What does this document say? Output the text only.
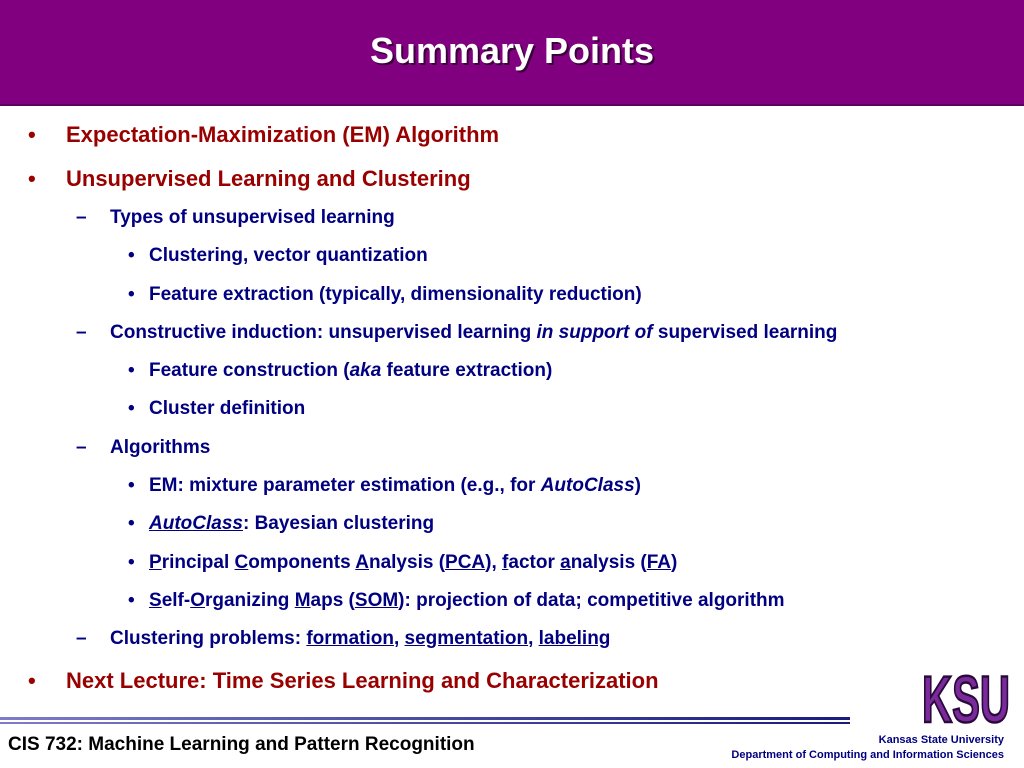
Summary Points
• Expectation-Maximization (EM) Algorithm
• Unsupervised Learning and Clustering
– Types of unsupervised learning
• Clustering, vector quantization
• Feature extraction (typically, dimensionality reduction)
– Constructive induction: unsupervised learning in support of supervised learning
• Feature construction (aka feature extraction)
• Cluster definition
– Algorithms
• EM: mixture parameter estimation (e.g., for AutoClass)
• AutoClass: Bayesian clustering
• Principal Components Analysis (PCA), factor analysis (FA)
• Self-Organizing Maps (SOM): projection of data; competitive algorithm
– Clustering problems: formation, segmentation, labeling
• Next Lecture: Time Series Learning and Characterization	KSU
CIS 732: Machine Learning and Pattern Recognition	Kansas State University
Department of Computing and Information Sciences
